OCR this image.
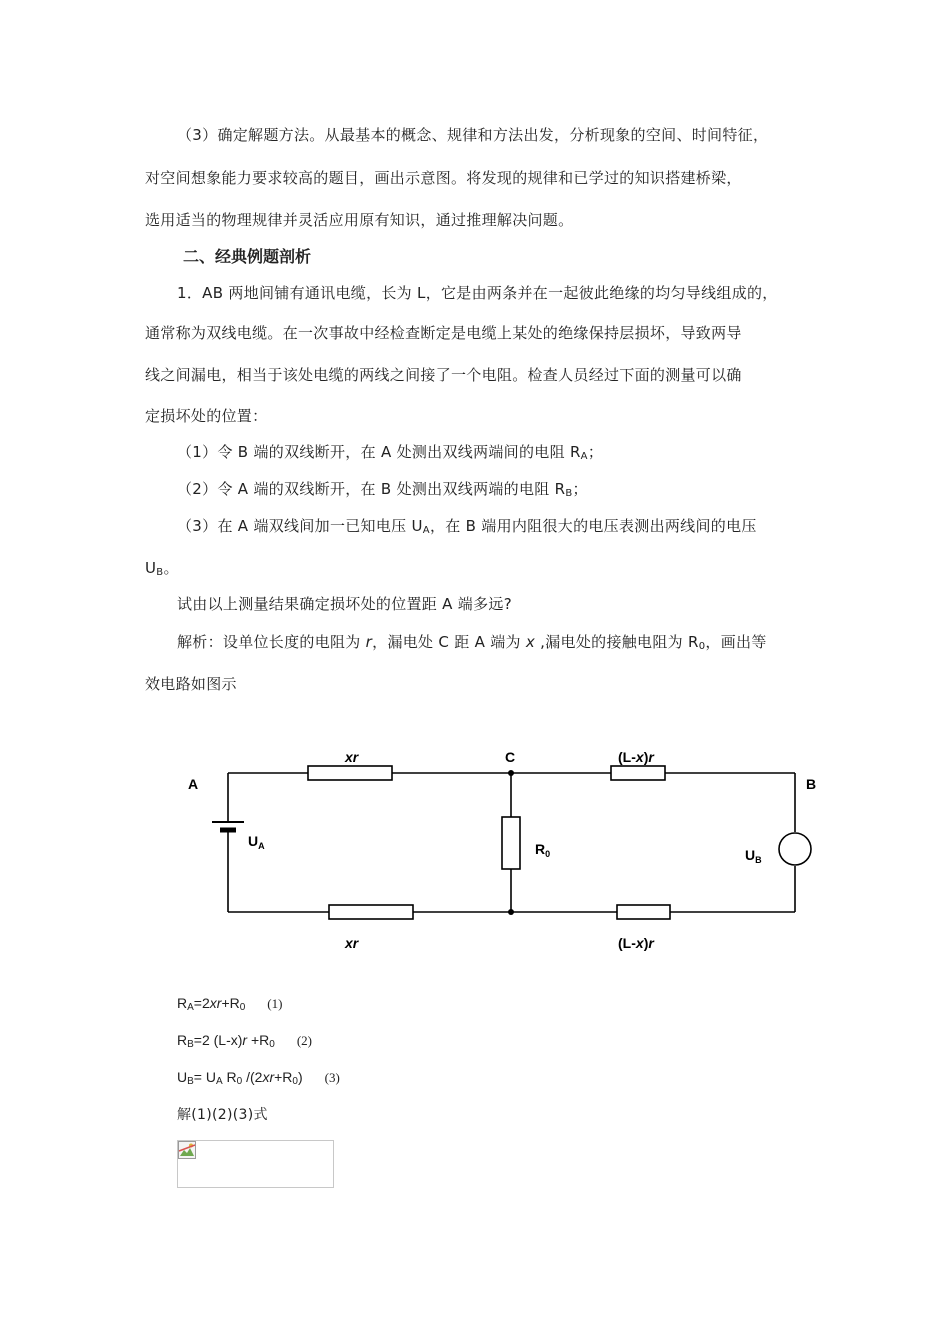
（3）确定解题方法。从最基本的概念、规律和方法出发，分析现象的空间、时间特征，
对空间想象能力要求较高的题目，画出示意图。将发现的规律和已学过的知识搭建桥梁，
选用适当的物理规律并灵活应用原有知识，通过推理解决问题。
二、经典例题剖析
1．AB 两地间铺有通讯电缆，长为 L，它是由两条并在一起彼此绝缘的均匀导线组成的，
通常称为双线电缆。在一次事故中经检查断定是电缆上某处的绝缘保持层损坏，导致两导
线之间漏电，相当于该处电缆的两线之间接了一个电阻。检查人员经过下面的测量可以确
定损坏处的位置：
（1）令 B 端的双线断开，在 A 处测出双线两端间的电阻 $R_A$；
（2）令 A 端的双线断开，在 B 处测出双线两端的电阻 $R_B$；
（3）在 A 端双线间加一已知电压 $U_A$，在 B 端用内阻很大的电压表测出两线间的电压
$U_B$。
试由以上测量结果确定损坏处的位置距 A 端多远?
解析：设单位长度的电阻为 r，漏电处 C 距 A 端为 x ,漏电处的接触电阻为 $R_0$，画出等
效电路如图示
A	B
C
xr	(L-x)r
xr	(L-x)r
$U_A$
$U_B$
$R_0$
$R_A=2xr+R_0$ (1)
$R_B=2$ $(L-x)r +R_0$ (2)
$U_B= U_A$ $R_0$ $/(2xr+R_0)$ (3)
解(1)(2)(3)式
